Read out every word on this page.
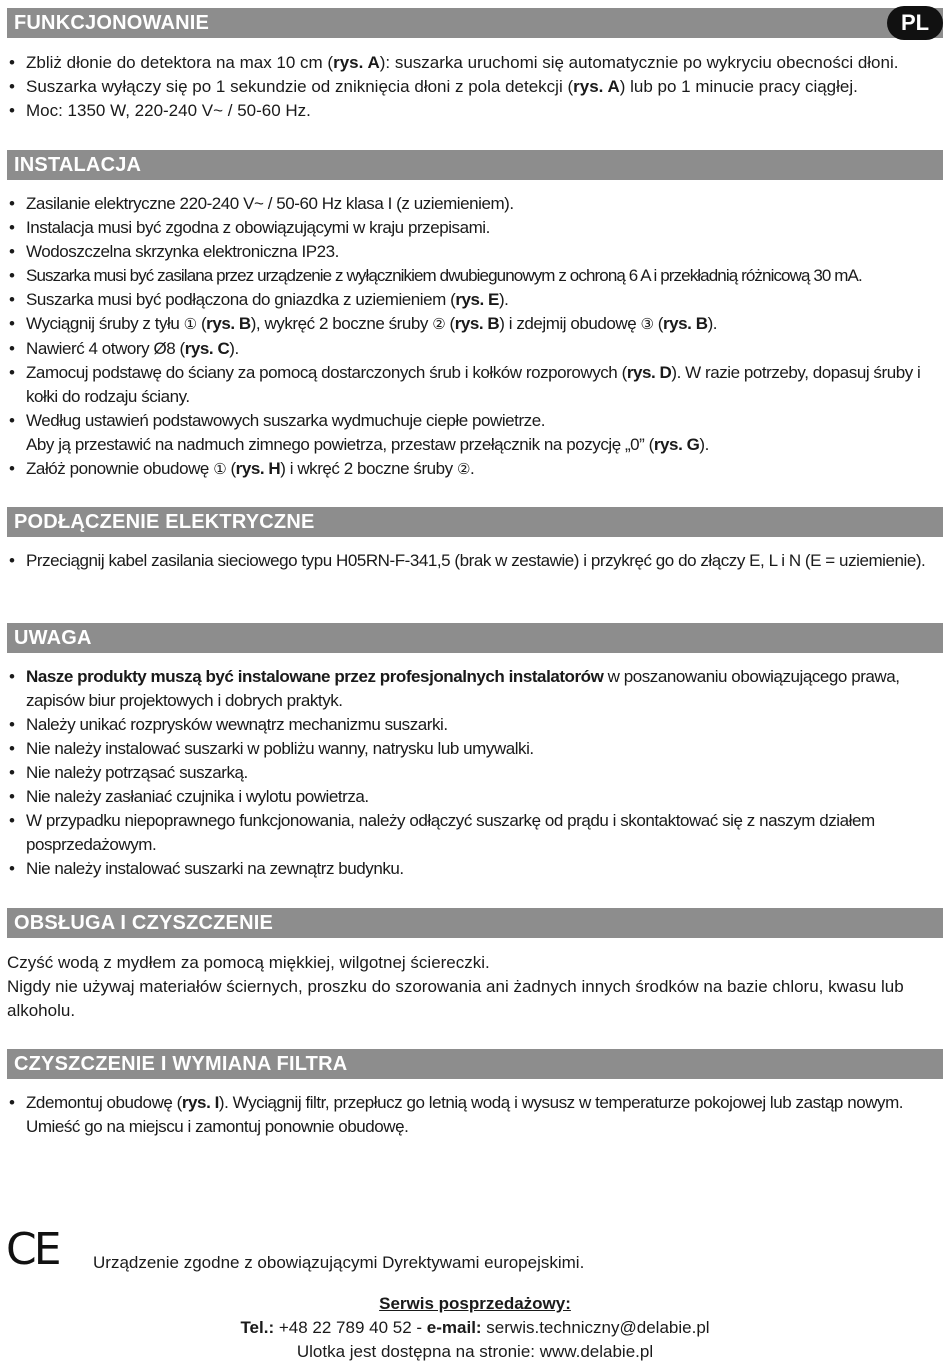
FUNKCJONOWANIE	PL
• Zbliż dłonie do detektora na max 10 cm (rys. A): suszarka uruchomi się automatycznie po wykryciu obecności dłoni.
• Suszarka wyłączy się po 1 sekundzie od zniknięcia dłoni z pola detekcji (rys. A) lub po 1 minucie pracy ciągłej.
• Moc: 1350 W, 220-240 V~ / 50-60 Hz.
INSTALACJA
• Zasilanie elektryczne 220-240 V~ / 50-60 Hz klasa I (z uziemieniem).
• Instalacja musi być zgodna z obowiązującymi w kraju przepisami.
• Wodoszczelna skrzynka elektroniczna IP23.
• Suszarka musi być zasilana przez urządzenie z wyłącznikiem dwubiegunowym z ochroną 6 A i przekładnią różnicową 30 mA.
• Suszarka musi być podłączona do gniazdka z uziemieniem (rys. E).
• Wyciągnij śruby z tyłu ① (rys. B), wykręć 2 boczne śruby ② (rys. B) i zdejmij obudowę ③ (rys. B).
• Nawierć 4 otwory Ø8 (rys. C).
• Zamocuj podstawę do ściany za pomocą dostarczonych śrub i kołków rozporowych (rys. D). W razie potrzeby, dopasuj śruby i kołki do rodzaju ściany.
• Według ustawień podstawowych suszarka wydmuchuje ciepłe powietrze.
Aby ją przestawić na nadmuch zimnego powietrza, przestaw przełącznik na pozycję „0” (rys. G).
• Załóż ponownie obudowę ① (rys. H) i wkręć 2 boczne śruby ②.
PODŁĄCZENIE ELEKTRYCZNE
• Przeciągnij kabel zasilania sieciowego typu H05RN-F-341,5 (brak w zestawie) i przykręć go do złączy E, L i N (E = uziemienie).
UWAGA
• Nasze produkty muszą być instalowane przez profesjonalnych instalatorów w poszanowaniu obowiązującego prawa, zapisów biur projektowych i dobrych praktyk.
• Należy unikać rozprysków wewnątrz mechanizmu suszarki.
• Nie należy instalować suszarki w pobliżu wanny, natrysku lub umywalki.
• Nie należy potrząsać suszarką.
• Nie należy zasłaniać czujnika i wylotu powietrza.
• W przypadku niepoprawnego funkcjonowania, należy odłączyć suszarkę od prądu i skontaktować się z naszym działem posprzedażowym.
• Nie należy instalować suszarki na zewnątrz budynku.
OBSŁUGA I CZYSZCZENIE

Czyść wodą z mydłem za pomocą miękkiej, wilgotnej ściereczki.
Nigdy nie używaj materiałów ściernych, proszku do szorowania ani żadnych innych środków na bazie chloru, kwasu lub alkoholu.

CZYSZCZENIE I WYMIANA FILTRA
• Zdemontuj obudowę (rys. I). Wyciągnij filtr, przepłucz go letnią wodą i wysusz w temperaturze pokojowej lub zastąp nowym. Umieść go na miejscu i zamontuj ponownie obudowę.
CE	Urządzenie zgodne z obowiązującymi Dyrektywami europejskimi.

Serwis posprzedażowy:

Tel.: +48 22 789 40 52 - e-mail: serwis.techniczny@delabie.pl

Ulotka jest dostępna na stronie: www.delabie.pl
